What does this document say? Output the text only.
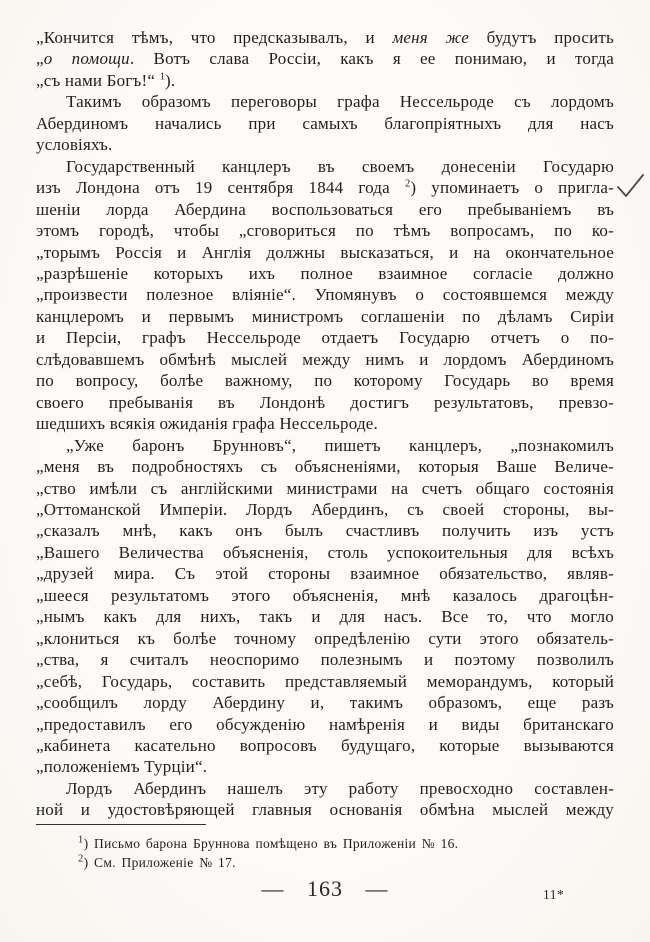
„Кончится тѣмъ, что предсказывалъ, и меня же будутъ просить
„о помощи. Вотъ слава Россіи, какъ я ее понимаю, и тогда
„съ нами Богъ!“ $^1$).
Такимъ образомъ переговоры графа Нессельроде съ лордомъ
Абердиномъ начались при самыхъ благопріятныхъ для насъ
условіяхъ.
Государственный канцлеръ въ своемъ донесеніи Государю
изъ Лондона отъ 19 сентября 1844 года $^2$) упоминаетъ о пригла-
шеніи лорда Абердина воспользоваться его пребываніемъ въ
этомъ городѣ, чтобы „сговориться по тѣмъ вопросамъ, по ко-
„торымъ Россія и Англія должны высказаться, и на окончательное
„разрѣшеніе которыхъ ихъ полное взаимное согласіе должно
„произвести полезное вліяніе“. Упомянувъ о состоявшемся между
канцлеромъ и первымъ министромъ соглашеніи по дѣламъ Сиріи
и Персіи, графъ Нессельроде отдаетъ Государю отчетъ о по-
слѣдовавшемъ обмѣнѣ мыслей между нимъ и лордомъ Абердиномъ
по вопросу, болѣе важному, по которому Государь во время
своего пребыванія въ Лондонѣ достигъ результатовъ, превзо-
шедшихъ всякія ожиданія графа Нессельроде.
„Уже баронъ Брунновъ“, пишетъ канцлеръ, „познакомилъ
„меня въ подробностяхъ съ объясненіями, которыя Ваше Величе-
„ство имѣли съ англійскими министрами на счетъ общаго состоянія
„Оттоманской Имперіи. Лордъ Абердинъ, съ своей стороны, вы-
„сказалъ мнѣ, какъ онъ былъ счастливъ получить изъ устъ
„Вашего Величества объясненія, столь успокоительныя для всѣхъ
„друзей мира. Съ этой стороны взаимное обязательство, являв-
„шееся результатомъ этого объясненія, мнѣ казалось драгоцѣн-
„нымъ какъ для нихъ, такъ и для насъ. Все то, что могло
„клониться къ болѣе точному опредѣленію сути этого обязатель-
„ства, я считалъ неоспоримо полезнымъ и поэтому позволилъ
„себѣ, Государь, составить представляемый меморандумъ, который
„сообщилъ лорду Абердину и, такимъ образомъ, еще разъ
„предоставилъ его обсужденію намѣренія и виды британскаго
„кабинета касательно вопросовъ будущаго, которые вызываются
„положеніемъ Турціи“.
Лордъ Абердинъ нашелъ эту работу превосходно составлен-
ной и удостовѣряющей главныя основанія обмѣна мыслей между
$^1$) Письмо барона Бруннова помѣщено въ Приложеніи № 16.
$^2$) См. Приложеніе № 17.
— 163 —	11*
